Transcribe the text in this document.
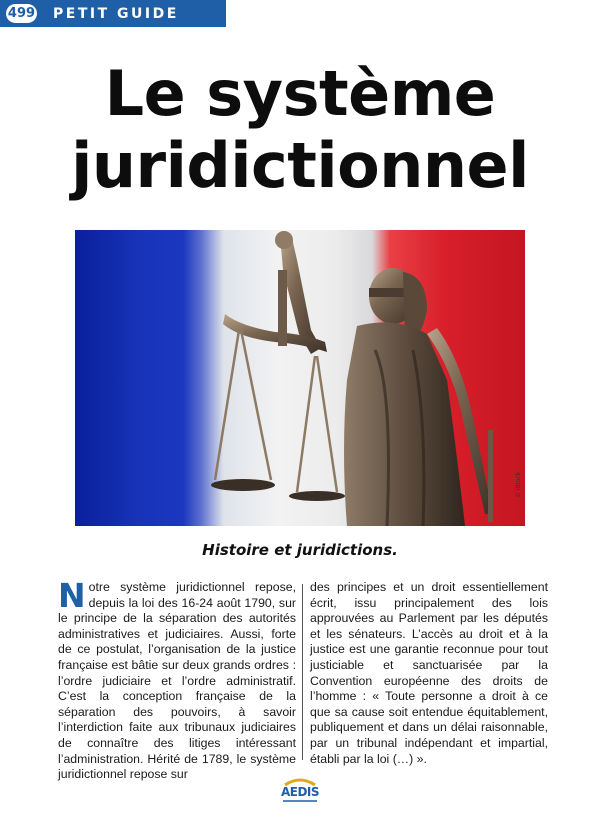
499 PETIT GUIDE
Le système
juridictionnel
© iStock
Histoire et juridictions.
Notre système juridictionnel repose, depuis la loi des 16-24 août 1790, sur le principe de la séparation des autorités administratives et judiciaires. Aussi, forte de ce postulat, l’organisation de la justice française est bâtie sur deux grands ordres : l’ordre judiciaire et l’ordre administratif. C’est la conception française de la séparation des pouvoirs, à savoir l’interdiction faite aux tribunaux judiciaires de connaître des litiges intéressant l’administration. Hérité de 1789, le système juridictionnel repose sur
des principes et un droit essentiellement écrit, issu principalement des lois approuvées au Parlement par les députés et les sénateurs. L’accès au droit et à la justice est une garantie reconnue pour tout justiciable et sanctuarisée par la Convention européenne des droits de l’homme : « Toute personne a droit à ce que sa cause soit entendue équitablement, publiquement et dans un délai raisonnable, par un tribunal indépendant et impartial, établi par la loi (…) ».
AEDIS
